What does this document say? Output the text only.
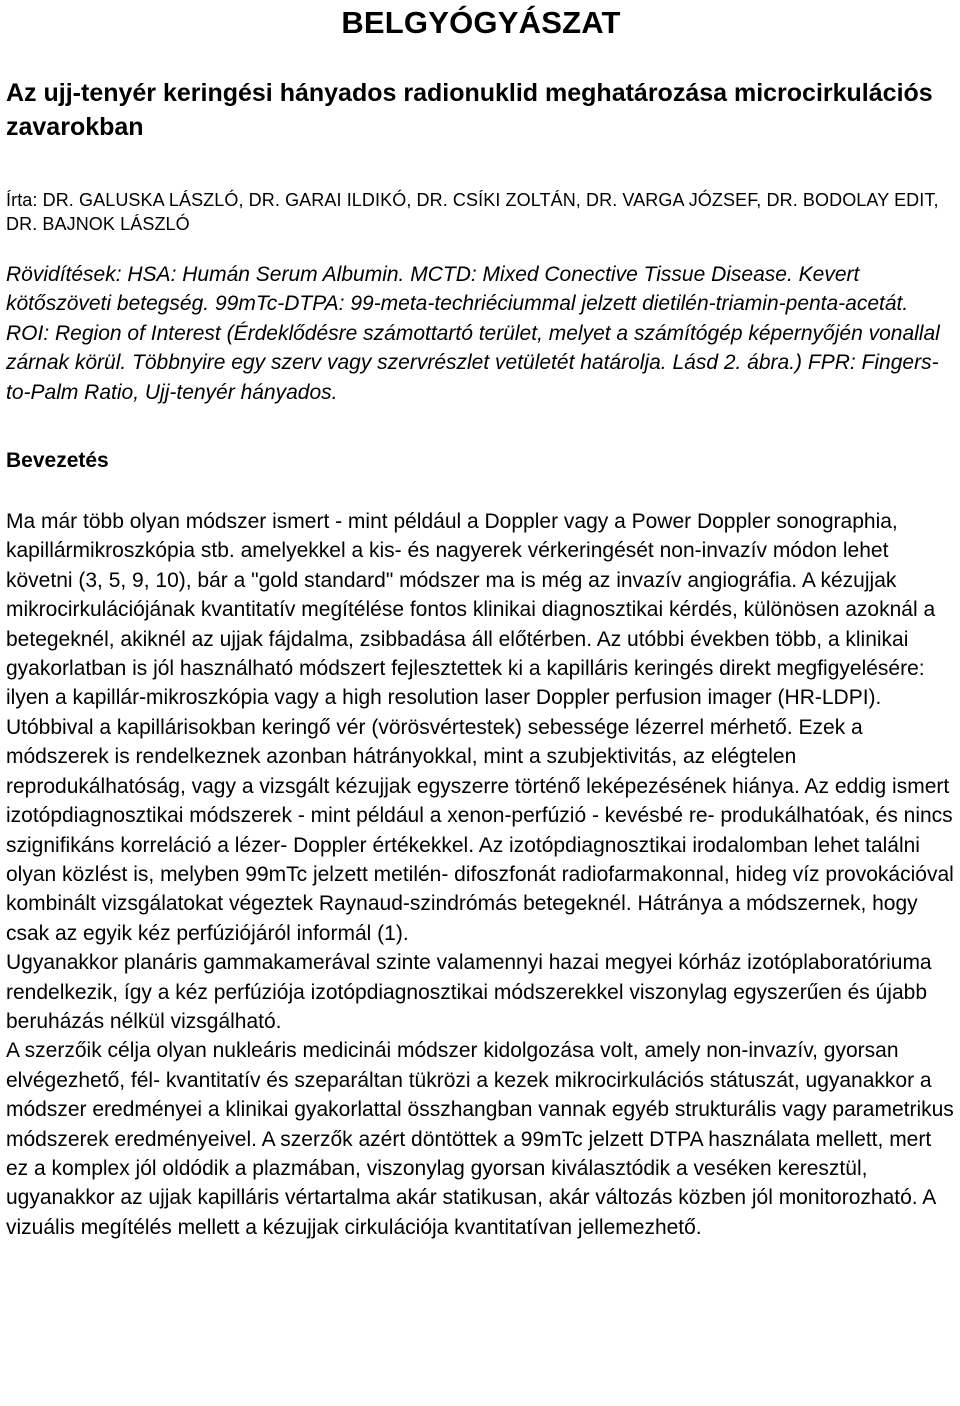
BELGYÓGYÁSZAT
Az ujj-tenyér keringési hányados radionuklid meghatározása microcirkulációs zavarokban
Írta: DR. GALUSKA LÁSZLÓ, DR. GARAI ILDIKÓ, DR. CSÍKI ZOLTÁN, DR. VARGA JÓZSEF, DR. BODOLAY EDIT, DR. BAJNOK LÁSZLÓ
Rövidítések: HSA: Humán Serum Albumin. MCTD: Mixed Conective Tissue Disease. Kevert kötőszöveti betegség. 99mTc-DTPA: 99-meta-techriéciummal jelzett dietilén-triamin-penta-acetát. ROI: Region of Interest (Érdeklődésre számottartó terület, melyet a számítógép képernyőjén vonallal zárnak körül. Többnyire egy szerv vagy szervrészlet vetületét határolja. Lásd 2. ábra.) FPR: Fingers-to-Palm Ratio, Ujj-tenyér hányados.
Bevezetés

Ma már több olyan módszer ismert - mint például a Doppler vagy a Power Doppler sonographia, kapillármikroszkópia stb. amelyekkel a kis- és nagyerek vérkeringését non-invazív módon lehet követni (3, 5, 9, 10), bár a "gold standard" módszer ma is még az invazív angiográfia. A kézujjak mikrocirkulációjának kvantitatív megítélése fontos klinikai diagnosztikai kérdés, különösen azoknál a betegeknél, akiknél az ujjak fájdalma, zsibbadása áll előtérben. Az utóbbi években több, a klinikai gyakorlatban is jól használható módszert fejlesztettek ki a kapilláris keringés direkt megfigyelésére: ilyen a kapillár-mikroszkópia vagy a high resolution laser Doppler perfusion imager (HR-LDPI). Utóbbival a kapillárisokban keringő vér (vörösvértestek) sebessége lézerrel mérhető. Ezek a módszerek is rendelkeznek azonban hátrányokkal, mint a szubjektivitás, az elégtelen reprodukálhatóság, vagy a vizsgált kézujjak egyszerre történő leképezésének hiánya. Az eddig ismert izotópdiagnosztikai módszerek - mint például a xenon-perfúzió - kevésbé re- produkálhatóak, és nincs szignifikáns korreláció a lézer- Doppler értékekkel. Az izotópdiagnosztikai irodalomban lehet találni olyan közlést is, melyben 99mTc jelzett metilén- difoszfonát radiofarmakonnal, hideg víz provokációval kombinált vizsgálatokat végeztek Raynaud-szindrómás betegeknél. Hátránya a módszernek, hogy csak az egyik kéz perfúziójáról informál (1).

Ugyanakkor planáris gammakamerával szinte valamennyi hazai megyei kórház izotóplaboratóriuma rendelkezik, így a kéz perfúziója izotópdiagnosztikai módszerekkel viszonylag egyszerűen és újabb beruházás nélkül vizsgálható.

A szerzőik célja olyan nukleáris medicinái módszer kidolgozása volt, amely non-invazív, gyorsan elvégezhető, fél- kvantitatív és szeparáltan tükrözi a kezek mikrocirkulációs státuszát, ugyanakkor a módszer eredményei a klinikai gyakorlattal összhangban vannak egyéb strukturális vagy parametrikus módszerek eredményeivel. A szerzők azért döntöttek a 99mTc jelzett DTPA használata mellett, mert ez a komplex jól oldódik a plazmában, viszonylag gyorsan kiválasztódik a veséken keresztül, ugyanakkor az ujjak kapilláris vértartalma akár statikusan, akár változás közben jól monitorozható. A vizuális megítélés mellett a kézujjak cirkulációja kvantitatívan jellemezhető.
